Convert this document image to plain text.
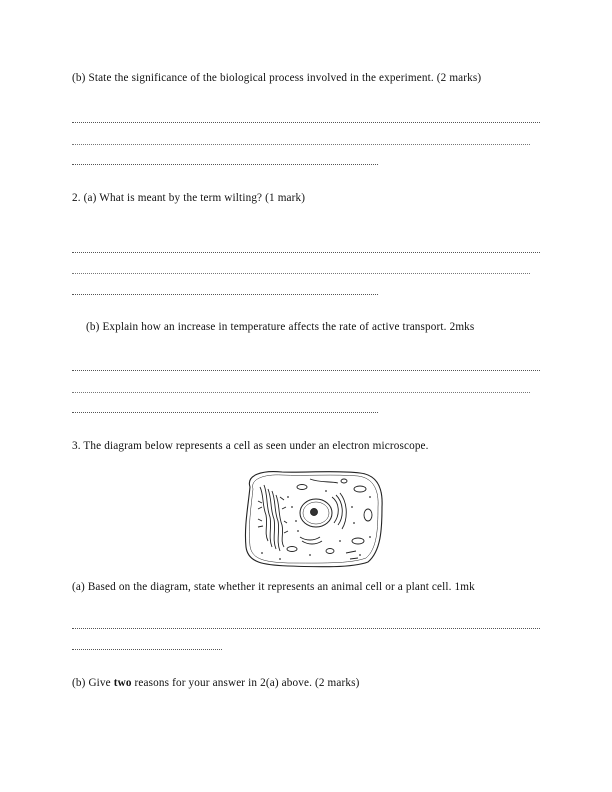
(b) State the significance of the biological process involved in the experiment. (2 marks)
2. (a) What is meant by the term wilting? (1 mark)
(b) Explain how an increase in temperature affects the rate of active transport. 2mks
3. The diagram below represents a cell as seen under an electron microscope.
(a) Based on the diagram, state whether it represents an animal cell or a plant cell. 1mk
(b) Give two reasons for your answer in 2(a) above. (2 marks)
